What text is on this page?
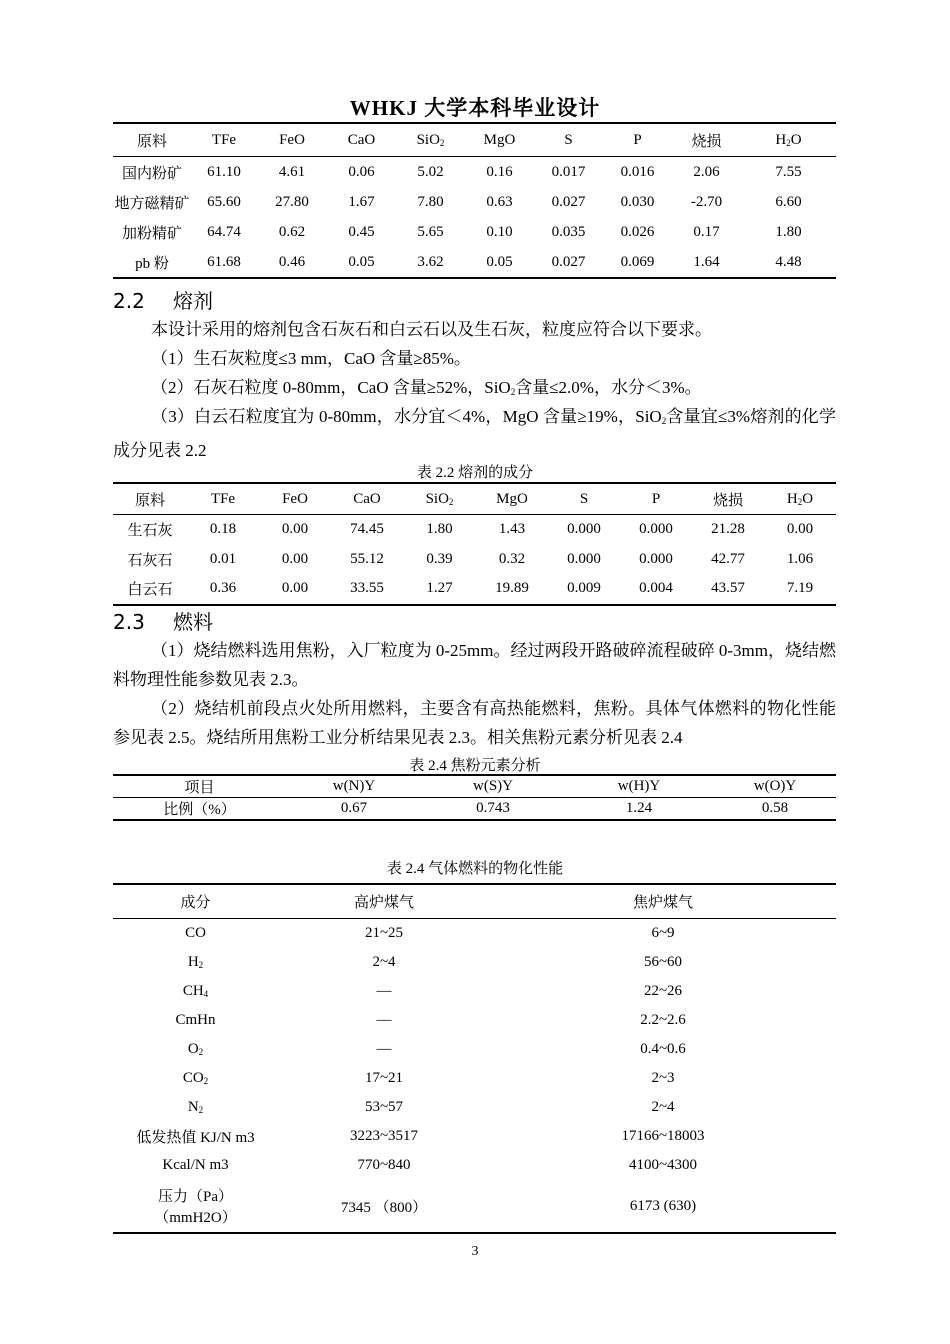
WHKJ 大学本科毕业设计
原料	TFe	FeO	CaO	SiO$_2$	MgO	S	P	烧损	$H_2O$
国内粉矿	61.10	4.61	0.06	5.02	0.16	0.017	0.016	2.06	7.55
地方磁精矿	65.60	27.80	1.67	7.80	0.63	0.027	0.030	-2.70	6.60
加粉精矿	64.74	0.62	0.45	5.65	0.10	0.035	0.026	0.17	1.80
pb 粉	61.68	0.46	0.05	3.62	0.05	0.027	0.069	1.64	4.48
2.2 熔剂
本设计采用的熔剂包含石灰石和白云石以及生石灰，粒度应符合以下要求。
（1）生石灰粒度≤3 mm，CaO 含量≥85%。
（2）石灰石粒度 0-80mm，CaO 含量≥52%，SiO$_2$含量≤2.0%，水分＜3%。
（3）白云石粒度宜为 0-80mm，水分宜＜4%，MgO 含量≥19%，SiO$_2$含量宜≤3%熔剂的化学成分见表 2.2
表 2.2 熔剂的成分
原料	TFe	FeO	CaO	SiO$_2$	MgO	S	P	烧损	$H_2O$
生石灰	0.18	0.00	74.45	1.80	1.43	0.000	0.000	21.28	0.00
石灰石	0.01	0.00	55.12	0.39	0.32	0.000	0.000	42.77	1.06
白云石	0.36	0.00	33.55	1.27	19.89	0.009	0.004	43.57	7.19
2.3 燃料
（1）烧结燃料选用焦粉，入厂粒度为 0-25mm。经过两段开路破碎流程破碎 0-3mm，烧结燃料物理性能参数见表 2.3。
（2）烧结机前段点火处所用燃料，主要含有高热能燃料，焦粉。具体气体燃料的物化性能参见表 2.5。烧结所用焦粉工业分析结果见表 2.3。相关焦粉元素分析见表 2.4
表 2.4 焦粉元素分析
项目	w(N)Y	w(S)Y	w(H)Y	w(O)Y
比例（%）	0.67	0.743	1.24	0.58
表 2.4 气体燃料的物化性能
成分	高炉煤气	焦炉煤气
CO	21~25	6~9
$H_2$	2~4	56~60
$CH_4$	—	22~26
CmHn	—	2.2~2.6
$O_2$	—	0.4~0.6
$CO_2$	17~21	2~3
$N_2$	53~57	2~4
低发热值 KJ/N m3	3223~3517	17166~18003
Kcal/N m3	770~840	4100~4300
压力（Pa）
（mmH2O）	7345 （800）	6173 (630)
3
